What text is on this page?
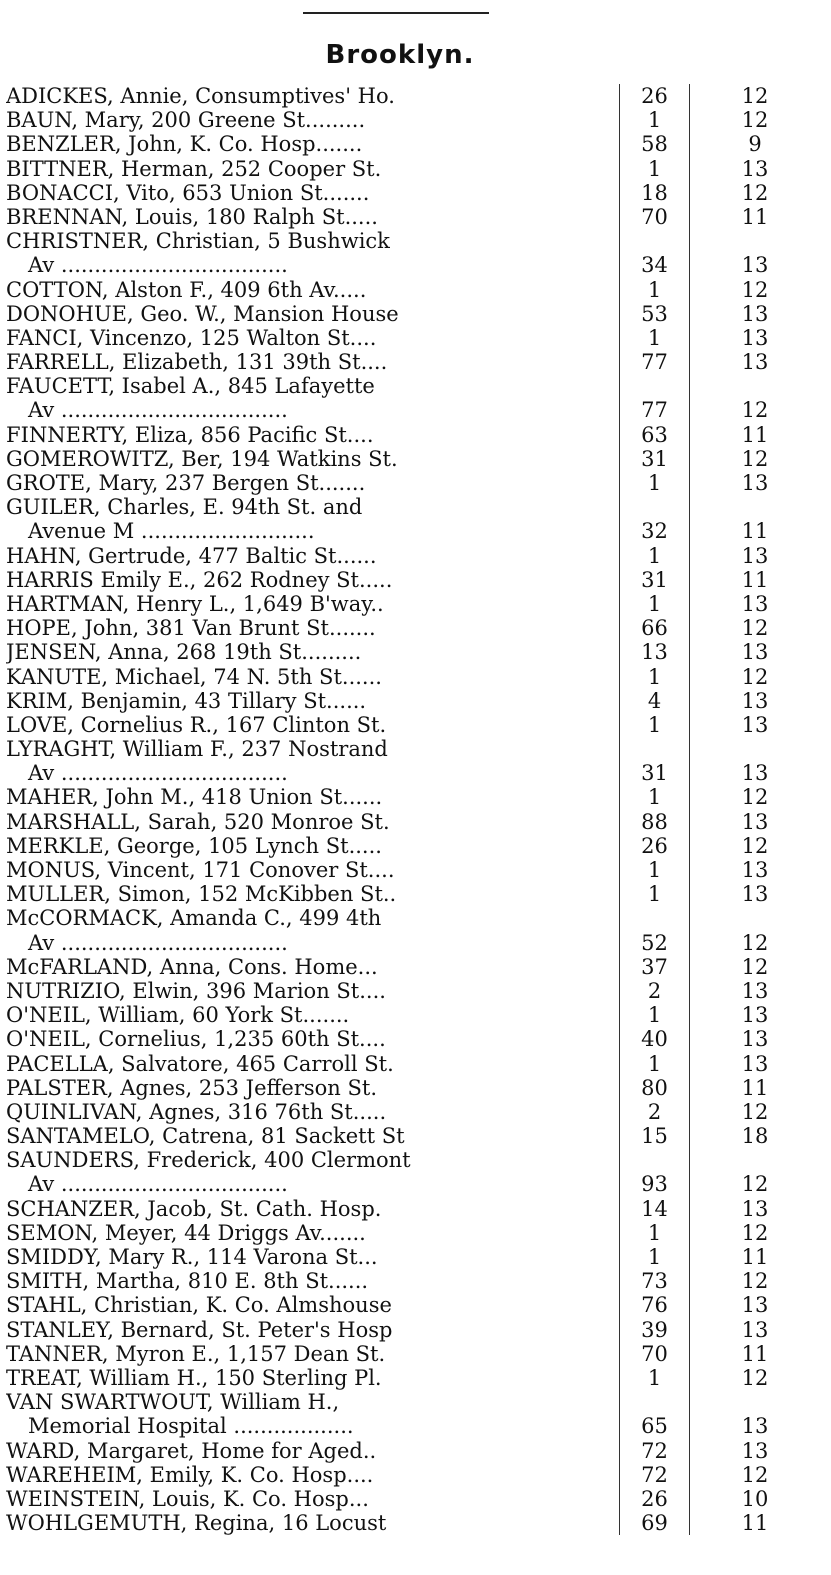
Brooklyn.
ADICKES, Annie, Consumptives' Ho.	26	12
BAUN, Mary, 200 Greene St.........	1	12
BENZLER, John, K. Co. Hosp.......	58	9
BITTNER, Herman, 252 Cooper St.	1	13
BONACCI, Vito, 653 Union St.......	18	12
BRENNAN, Louis, 180 Ralph St.....	70	11
CHRISTNER, Christian, 5 Bushwick
Av ..................................	34	13
COTTON, Alston F., 409 6th Av.....	1	12
DONOHUE, Geo. W., Mansion House	53	13
FANCI, Vincenzo, 125 Walton St....	1	13
FARRELL, Elizabeth, 131 39th St....	77	13
FAUCETT, Isabel A., 845 Lafayette
Av ..................................	77	12
FINNERTY, Eliza, 856 Pacific St....	63	11
GOMEROWITZ, Ber, 194 Watkins St.	31	12
GROTE, Mary, 237 Bergen St.......	1	13
GUILER, Charles, E. 94th St. and
Avenue M ..........................	32	11
HAHN, Gertrude, 477 Baltic St......	1	13
HARRIS Emily E., 262 Rodney St.....	31	11
HARTMAN, Henry L., 1,649 B'way..	1	13
HOPE, John, 381 Van Brunt St.......	66	12
JENSEN, Anna, 268 19th St.........	13	13
KANUTE, Michael, 74 N. 5th St......	1	12
KRIM, Benjamin, 43 Tillary St......	4	13
LOVE, Cornelius R., 167 Clinton St.	1	13
LYRAGHT, William F., 237 Nostrand
Av ..................................	31	13
MAHER, John M., 418 Union St......	1	12
MARSHALL, Sarah, 520 Monroe St.	88	13
MERKLE, George, 105 Lynch St.....	26	12
MONUS, Vincent, 171 Conover St....	1	13
MULLER, Simon, 152 McKibben St..	1	13
McCORMACK, Amanda C., 499 4th
Av ..................................	52	12
McFARLAND, Anna, Cons. Home...	37	12
NUTRIZIO, Elwin, 396 Marion St....	2	13
O'NEIL, William, 60 York St.......	1	13
O'NEIL, Cornelius, 1,235 60th St....	40	13
PACELLA, Salvatore, 465 Carroll St.	1	13
PALSTER, Agnes, 253 Jefferson St.	80	11
QUINLIVAN, Agnes, 316 76th St.....	2	12
SANTAMELO, Catrena, 81 Sackett St	15	18
SAUNDERS, Frederick, 400 Clermont
Av ..................................	93	12
SCHANZER, Jacob, St. Cath. Hosp.	14	13
SEMON, Meyer, 44 Driggs Av.......	1	12
SMIDDY, Mary R., 114 Varona St...	1	11
SMITH, Martha, 810 E. 8th St......	73	12
STAHL, Christian, K. Co. Almshouse	76	13
STANLEY, Bernard, St. Peter's Hosp	39	13
TANNER, Myron E., 1,157 Dean St.	70	11
TREAT, William H., 150 Sterling Pl.	1	12
VAN SWARTWOUT, William H.,
Memorial Hospital ..................	65	13
WARD, Margaret, Home for Aged..	72	13
WAREHEIM, Emily, K. Co. Hosp....	72	12
WEINSTEIN, Louis, K. Co. Hosp...	26	10
WOHLGEMUTH, Regina, 16 Locust	69	11
